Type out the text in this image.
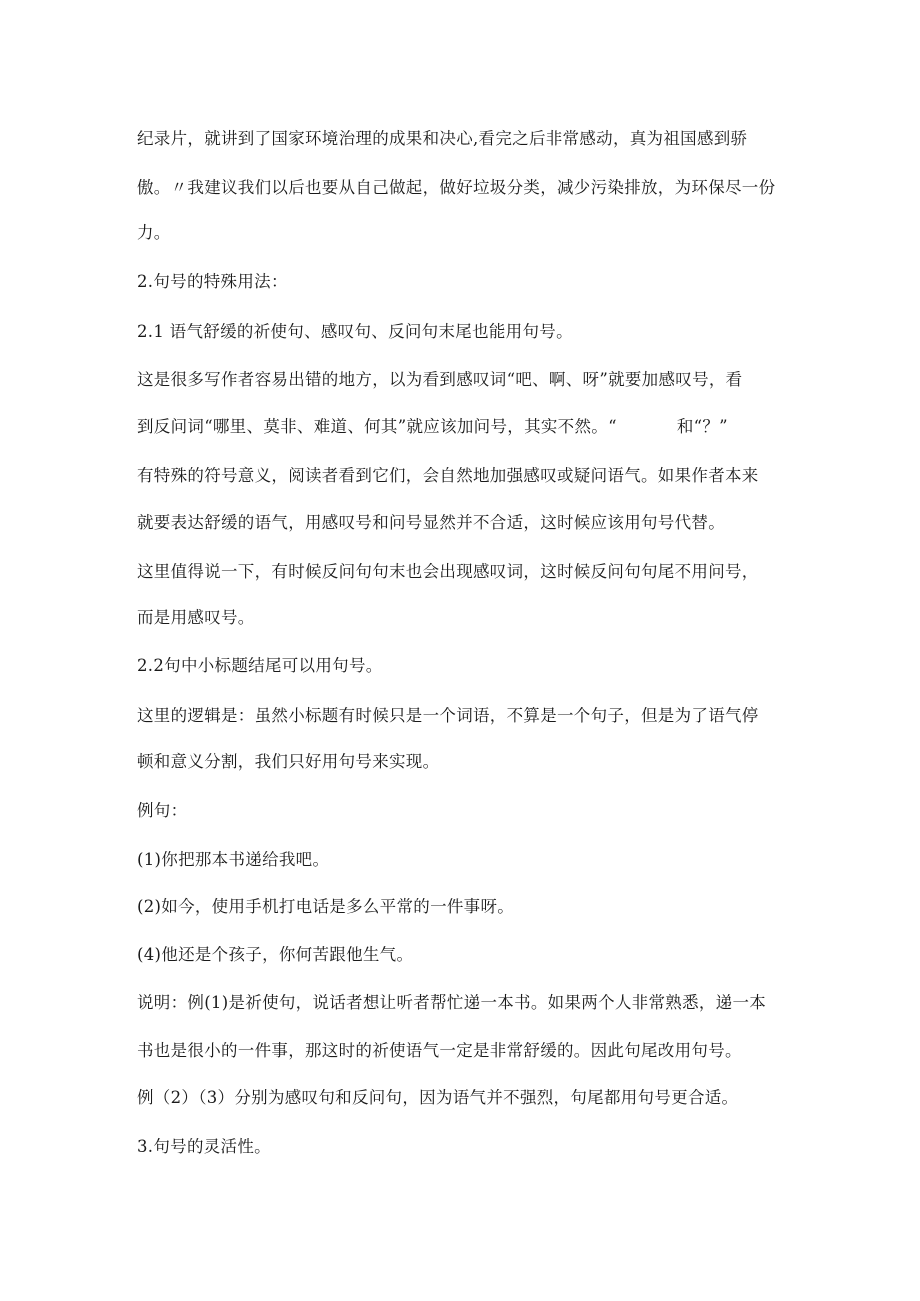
纪录片，就讲到了国家环境治理的成果和决心,看完之后非常感动，真为祖国感到骄
傲。〃我建议我们以后也要从自己做起，做好垃圾分类，减少污染排放，为环保尽一份
力。
2.句号的特殊用法：
2.1 语气舒缓的祈使句、感叹句、反问句末尾也能用句号。
这是很多写作者容易出错的地方，以为看到感叹词“吧、啊、呀”就要加感叹号，看
到反问词“哪里、莫非、难道、何其”就应该加问号，其实不然。“	和“？”
有特殊的符号意义，阅读者看到它们，会自然地加强感叹或疑问语气。如果作者本来
就要表达舒缓的语气，用感叹号和问号显然并不合适，这时候应该用句号代替。
这里值得说一下，有时候反问句句末也会出现感叹词，这时候反问句句尾不用问号，
而是用感叹号。
2.2句中小标题结尾可以用句号。
这里的逻辑是：虽然小标题有时候只是一个词语，不算是一个句子，但是为了语气停
顿和意义分割，我们只好用句号来实现。
例句：
(1)你把那本书递给我吧。
(2)如今，使用手机打电话是多么平常的一件事呀。
(4)他还是个孩子，你何苦跟他生气。
说明：例(1)是祈使句，说话者想让听者帮忙递一本书。如果两个人非常熟悉，递一本
书也是很小的一件事，那这时的祈使语气一定是非常舒缓的。因此句尾改用句号。
例（2）（3）分别为感叹句和反问句，因为语气并不强烈，句尾都用句号更合适。
3.句号的灵活性。
